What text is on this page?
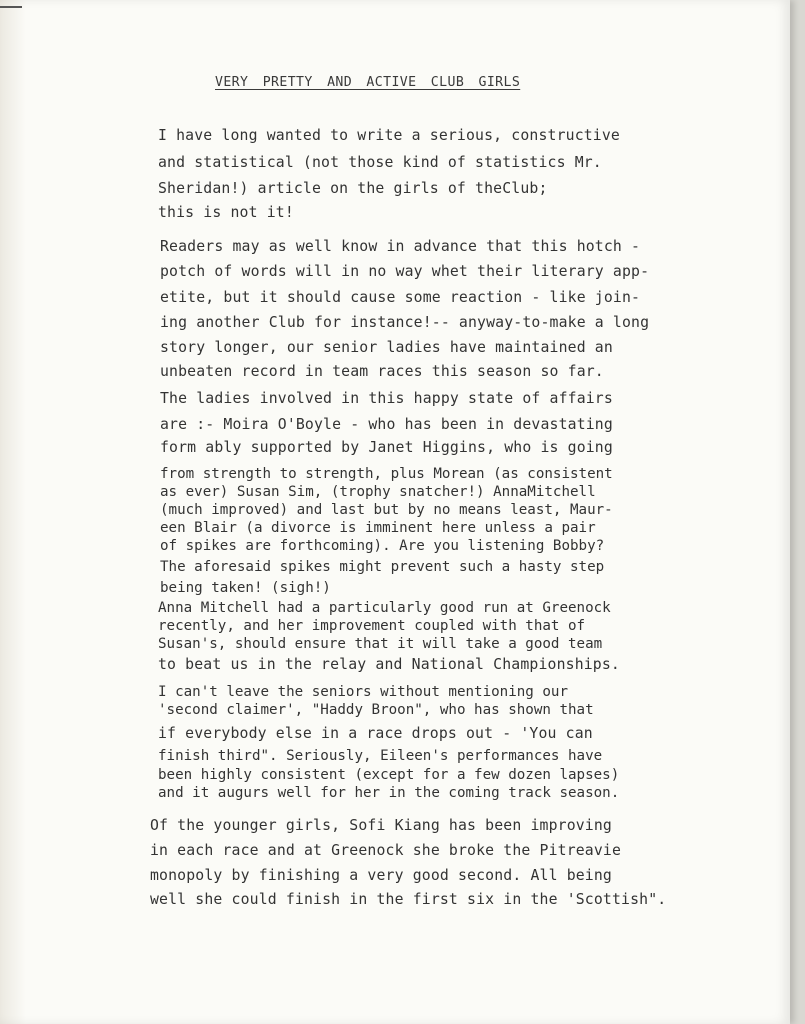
VERY PRETTY AND ACTIVE CLUB GIRLS
I have long wanted to write a serious, constructive
and statistical (not those kind of statistics Mr.
Sheridan!) article on the girls of theClub;
this is not it!
Readers may as well know in advance that this hotch -
potch of words will in no way whet their literary app-
etite, but it should cause some reaction - like join-
ing another Club for instance!-- anyway-to-make a long
story longer, our senior ladies have maintained an
unbeaten record in team races this season so far.
The ladies involved in this happy state of affairs
are :- Moira O'Boyle - who has been in devastating
form ably supported by Janet Higgins, who is going
from strength to strength, plus Morean (as consistent
as ever) Susan Sim, (trophy snatcher!) AnnaMitchell
(much improved) and last but by no means least, Maur-
een Blair (a divorce is imminent here unless a pair
of spikes are forthcoming). Are you listening Bobby?
The aforesaid spikes might prevent such a hasty step
being taken! (sigh!)
Anna Mitchell had a particularly good run at Greenock
recently, and her improvement coupled with that of
Susan's, should ensure that it will take a good team
to beat us in the relay and National Championships.
I can't leave the seniors without mentioning our
'second claimer', "Haddy Broon", who has shown that
if everybody else in a race drops out - 'You can
finish third". Seriously, Eileen's performances have
been highly consistent (except for a few dozen lapses)
and it augurs well for her in the coming track season.
Of the younger girls, Sofi Kiang has been improving
in each race and at Greenock she broke the Pitreavie
monopoly by finishing a very good second. All being
well she could finish in the first six in the 'Scottish".
